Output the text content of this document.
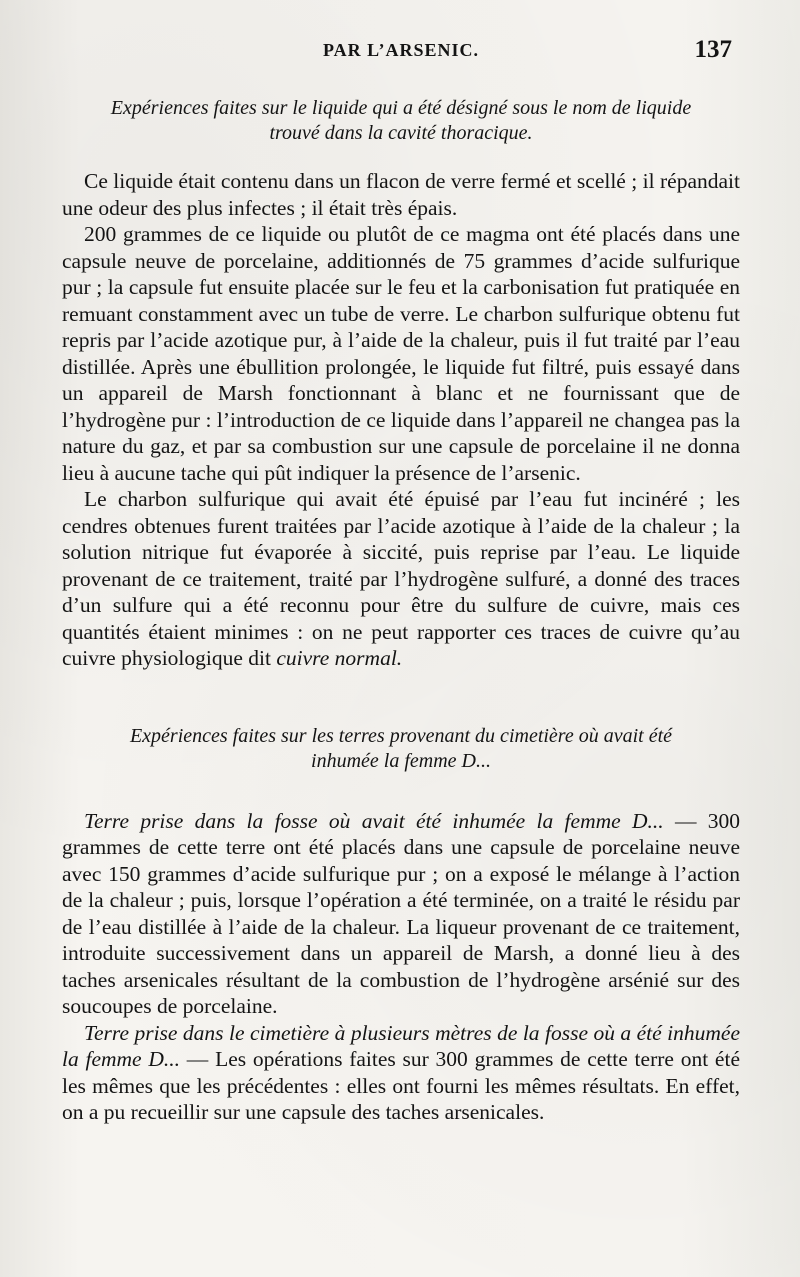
PAR L’ARSENIC.	137
Expériences faites sur le liquide qui a été désigné sous le nom de liquide
trouvé dans la cavité thoracique.

Ce liquide était contenu dans un flacon de verre fermé et scellé ; il répandait une odeur des plus infectes ; il était très épais.

200 grammes de ce liquide ou plutôt de ce magma ont été placés dans une capsule neuve de porcelaine, additionnés de 75 grammes d’acide sulfurique pur ; la capsule fut ensuite placée sur le feu et la carbonisation fut pratiquée en remuant constamment avec un tube de verre. Le charbon sulfurique obtenu fut repris par l’acide azotique pur, à l’aide de la chaleur, puis il fut traité par l’eau distillée. Après une ébullition prolongée, le liquide fut filtré, puis essayé dans un appareil de Marsh fonctionnant à blanc et ne fournissant que de l’hydrogène pur : l’introduction de ce liquide dans l’appareil ne changea pas la nature du gaz, et par sa combustion sur une capsule de porcelaine il ne donna lieu à aucune tache qui pût indiquer la présence de l’arsenic.

Le charbon sulfurique qui avait été épuisé par l’eau fut incinéré ; les cendres obtenues furent traitées par l’acide azotique à l’aide de la chaleur ; la solution nitrique fut évaporée à siccité, puis reprise par l’eau. Le liquide provenant de ce traitement, traité par l’hydrogène sulfuré, a donné des traces d’un sulfure qui a été reconnu pour être du sulfure de cuivre, mais ces quantités étaient minimes : on ne peut rapporter ces traces de cuivre qu’au cuivre physiologique dit cuivre normal.

Expériences faites sur les terres provenant du cimetière où avait été
inhumée la femme D...

Terre prise dans la fosse où avait été inhumée la femme D... — 300 grammes de cette terre ont été placés dans une capsule de porcelaine neuve avec 150 grammes d’acide sulfurique pur ; on a exposé le mélange à l’action de la chaleur ; puis, lorsque l’opération a été terminée, on a traité le résidu par de l’eau distillée à l’aide de la chaleur. La liqueur provenant de ce traitement, introduite successivement dans un appareil de Marsh, a donné lieu à des taches arsenicales résultant de la combustion de l’hydrogène arsénié sur des soucoupes de porcelaine.

Terre prise dans le cimetière à plusieurs mètres de la fosse où a été inhumée la femme D... — Les opérations faites sur 300 grammes de cette terre ont été les mêmes que les précédentes : elles ont fourni les mêmes résultats. En effet, on a pu recueillir sur une capsule des taches arsenicales.
